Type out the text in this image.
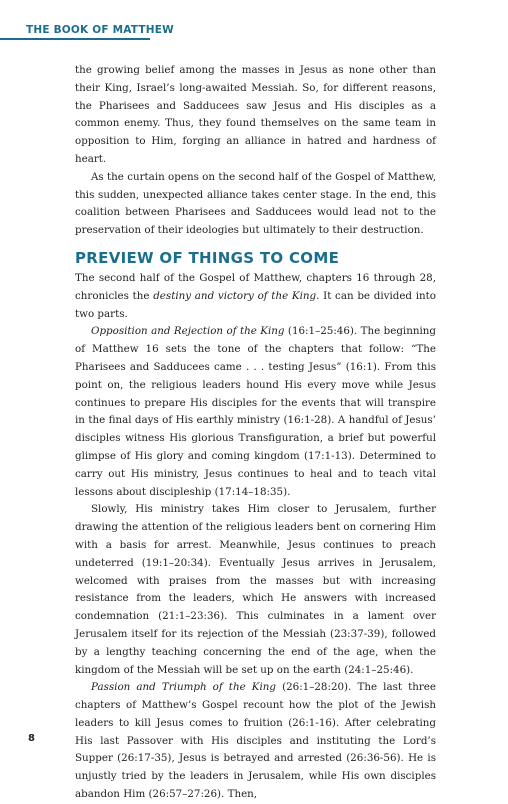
THE BOOK OF MATTHEW

the growing belief among the masses in Jesus as none other than their King, Israel’s long-awaited Messiah. So, for different reasons, the Pharisees and Sadducees saw Jesus and His disciples as a common enemy. Thus, they found themselves on the same team in opposition to Him, forging an alliance in hatred and hardness of heart.

As the curtain opens on the second half of the Gospel of Matthew, this sudden, unexpected alliance takes center stage. In the end, this coalition between Pharisees and Sadducees would lead not to the preservation of their ideologies but ultimately to their destruction.

PREVIEW OF THINGS TO COME

The second half of the Gospel of Matthew, chapters 16 through 28, chronicles the destiny and victory of the King. It can be divided into two parts.

Opposition and Rejection of the King (16:1–25:46). The beginning of Matthew 16 sets the tone of the chapters that follow: “The Pharisees and Sadducees came . . . testing Jesus” (16:1). From this point on, the religious leaders hound His every move while Jesus continues to prepare His disciples for the events that will transpire in the final days of His earthly ministry (16:1-28). A handful of Jesus’ disciples witness His glorious Transfiguration, a brief but powerful glimpse of His glory and coming kingdom (17:1-13). Determined to carry out His ministry, Jesus continues to heal and to teach vital lessons about discipleship (17:14–18:35).

Slowly, His ministry takes Him closer to Jerusalem, further drawing the attention of the religious leaders bent on cornering Him with a basis for arrest. Meanwhile, Jesus continues to preach undeterred (19:1–20:34). Eventually Jesus arrives in Jerusalem, welcomed with praises from the masses but with increasing resistance from the leaders, which He answers with increased condemnation (21:1–23:36). This culminates in a lament over Jerusalem itself for its rejection of the Messiah (23:37-39), followed by a lengthy teaching concerning the end of the age, when the kingdom of the Messiah will be set up on the earth (24:1–25:46).

Passion and Triumph of the King (26:1–28:20). The last three chapters of Matthew’s Gospel recount how the plot of the Jewish leaders to kill Jesus comes to fruition (26:1-16). After celebrating His last Passover with His disciples and instituting the Lord’s Supper (26:17-35), Jesus is betrayed and arrested (26:36-56). He is unjustly tried by the leaders in Jerusalem, while His own disciples abandon Him (26:57–27:26). Then,

8
